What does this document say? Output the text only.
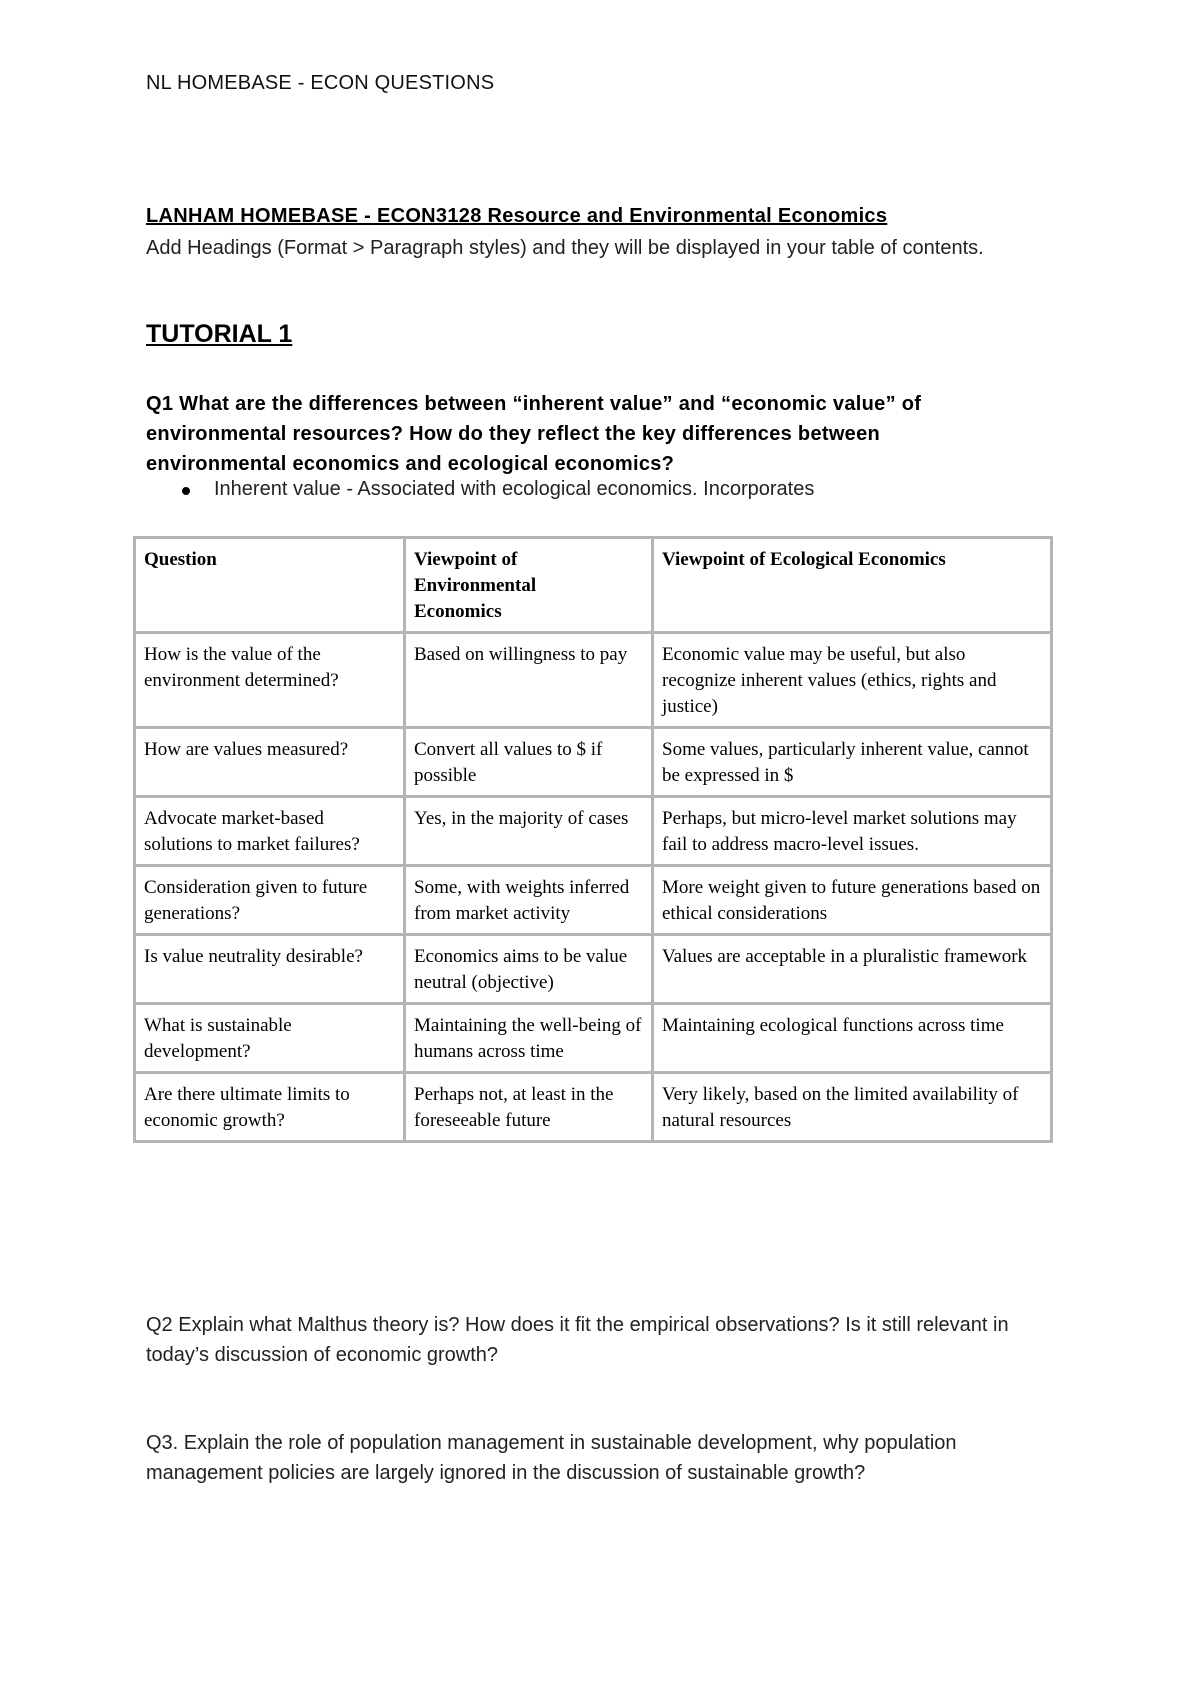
NL HOMEBASE - ECON QUESTIONS
LANHAM HOMEBASE - ECON3128 Resource and Environmental Economics
Add Headings (Format > Paragraph styles) and they will be displayed in your table of contents.
TUTORIAL 1
Q1 What are the differences between “inherent value” and “economic value” of environmental resources? How do they reflect the key differences between environmental economics and ecological economics?
Inherent value - Associated with ecological economics. Incorporates
Question	Viewpoint of Environmental Economics	Viewpoint of Ecological Economics
How is the value of the environment determined?	Based on willingness to pay	Economic value may be useful, but also recognize inherent values (ethics, rights and justice)
How are values measured?	Convert all values to $ if possible	Some values, particularly inherent value, cannot be expressed in $
Advocate market-based solutions to market failures?	Yes, in the majority of cases	Perhaps, but micro-level market solutions may fail to address macro-level issues.
Consideration given to future generations?	Some, with weights inferred from market activity	More weight given to future generations based on ethical considerations
Is value neutrality desirable?	Economics aims to be value neutral (objective)	Values are acceptable in a pluralistic framework
What is sustainable development?	Maintaining the well-being of humans across time	Maintaining ecological functions across time
Are there ultimate limits to economic growth?	Perhaps not, at least in the foreseeable future	Very likely, based on the limited availability of natural resources
Q2 Explain what Malthus theory is? How does it fit the empirical observations? Is it still relevant in today’s discussion of economic growth?
Q3. Explain the role of population management in sustainable development, why population management policies are largely ignored in the discussion of sustainable growth?
